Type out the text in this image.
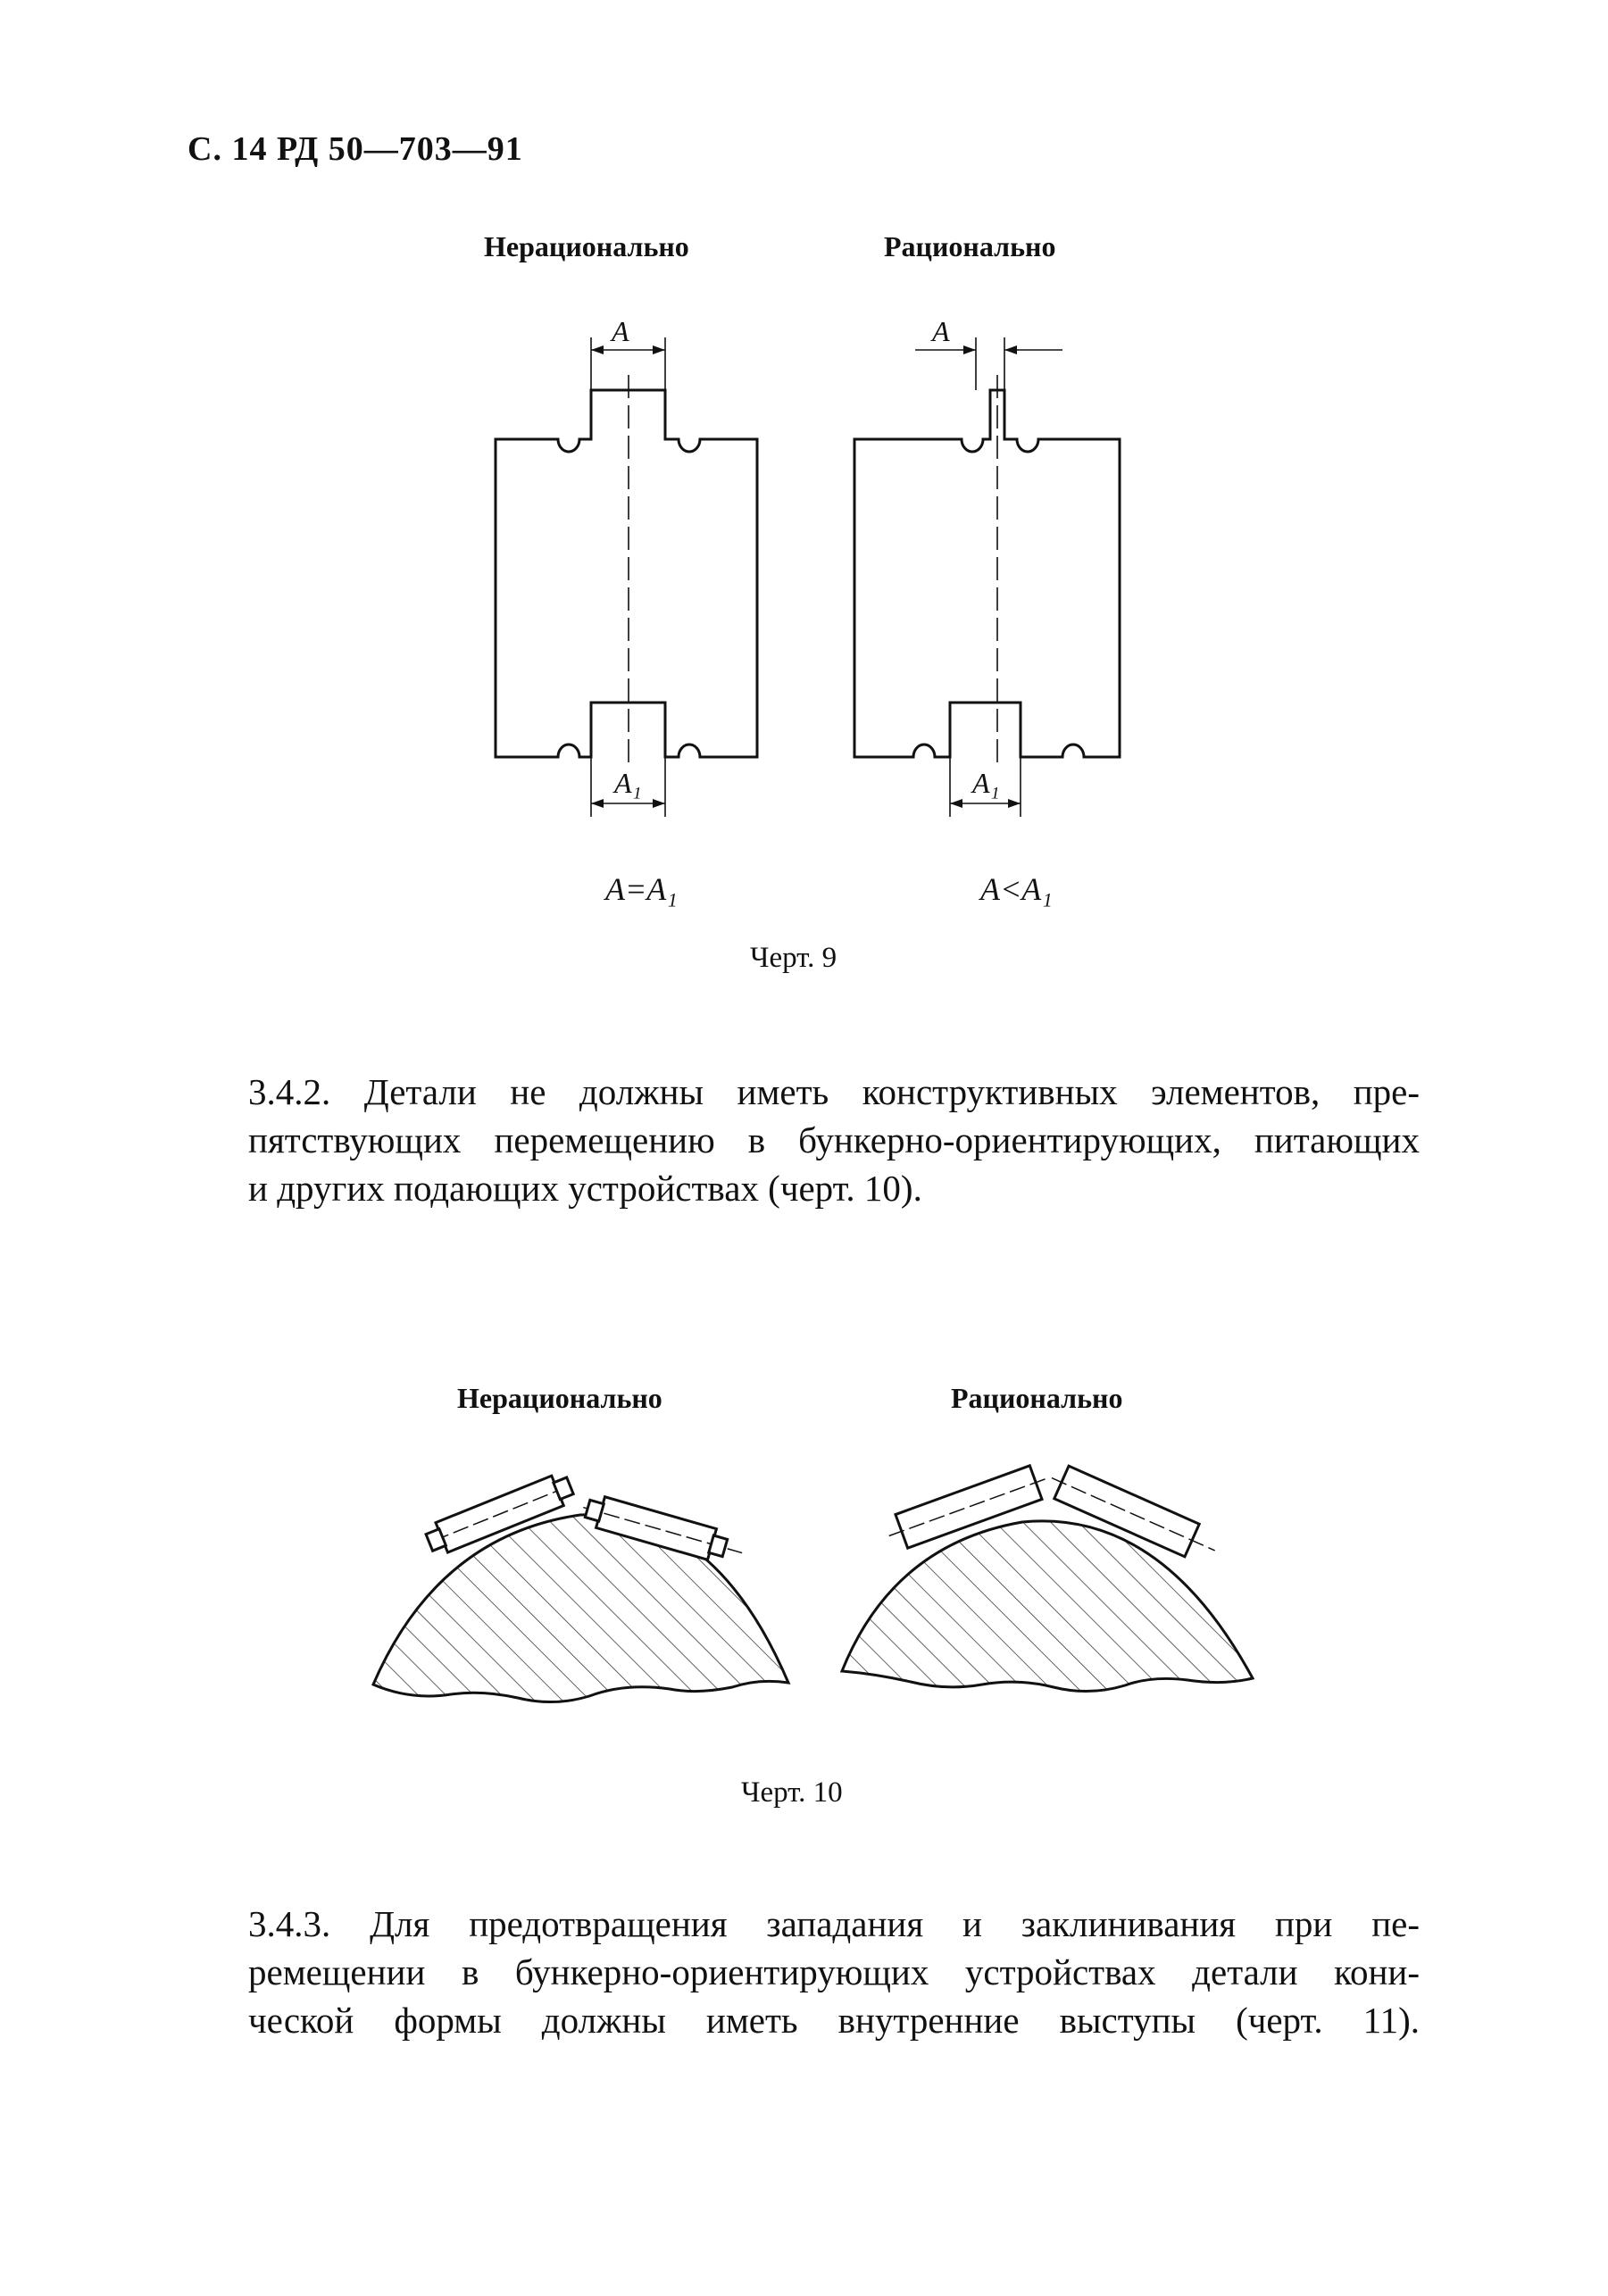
С. 14 РД 50—703—91
Нерационально	Рационально
A
A₁
A
A₁
A=A₁	A<A₁
Черт. 9
3.4.2. Детали не должны иметь конструктивных элементов, пре-
пятствующих перемещению в бункерно-ориентирующих, питающих
и других подающих устройствах (черт. 10).
Нерационально	Рационально
Черт. 10
3.4.3. Для предотвращения западания и заклинивания при пе-
ремещении в бункерно-ориентирующих устройствах детали кони-
ческой формы должны иметь внутренние выступы (черт. 11).
